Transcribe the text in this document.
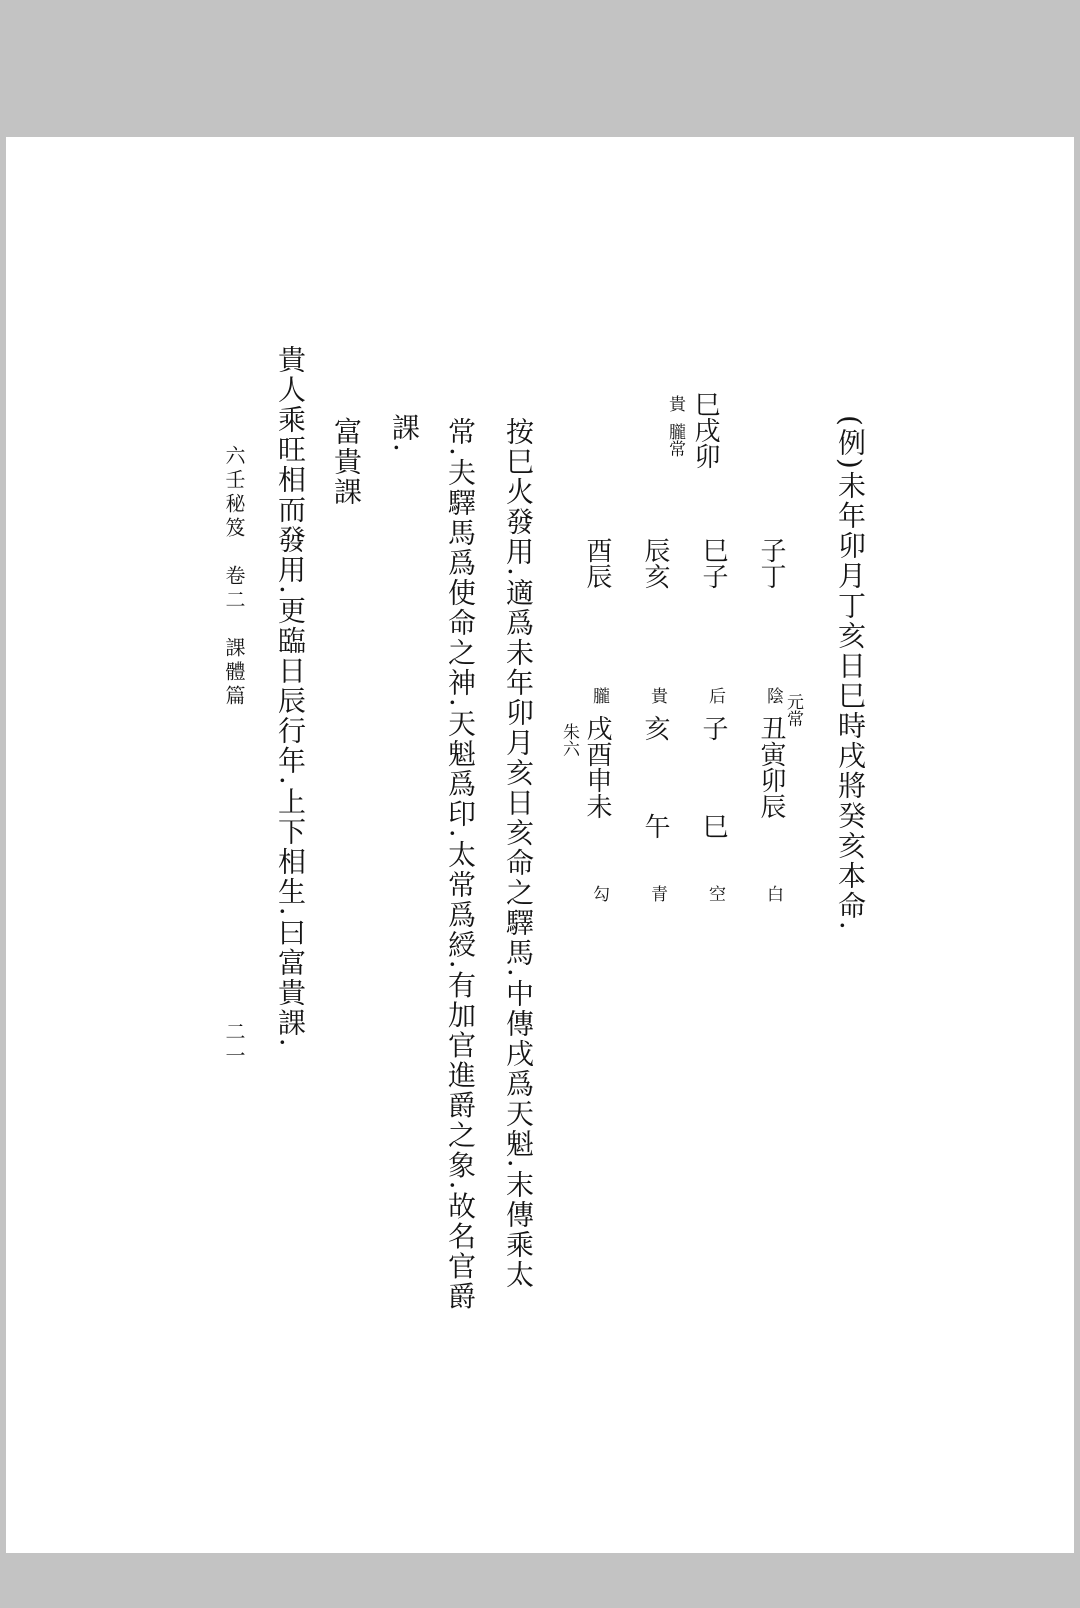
(例)未年卯月丁亥日巳時戌將癸亥本命.
子丁
陰 元常
丑寅卯辰
白
巳子
后
子
巳
空
巳戌卯
貴
朧常
辰亥
貴
亥
午
青
酉辰
朧
戌酉申未
朱六
勾
按巳火發用.適爲未年卯月亥日亥命之驛馬.中傳戌爲天魁.末傳乘太
常.夫驛馬爲使命之神.天魁爲印.太常爲綬.有加官進爵之象.故名官爵
課.
富貴課
貴人乘旺相而發用.更臨日辰行年.上下相生.曰富貴課.
六壬秘笈　卷二　課體篇
二一
